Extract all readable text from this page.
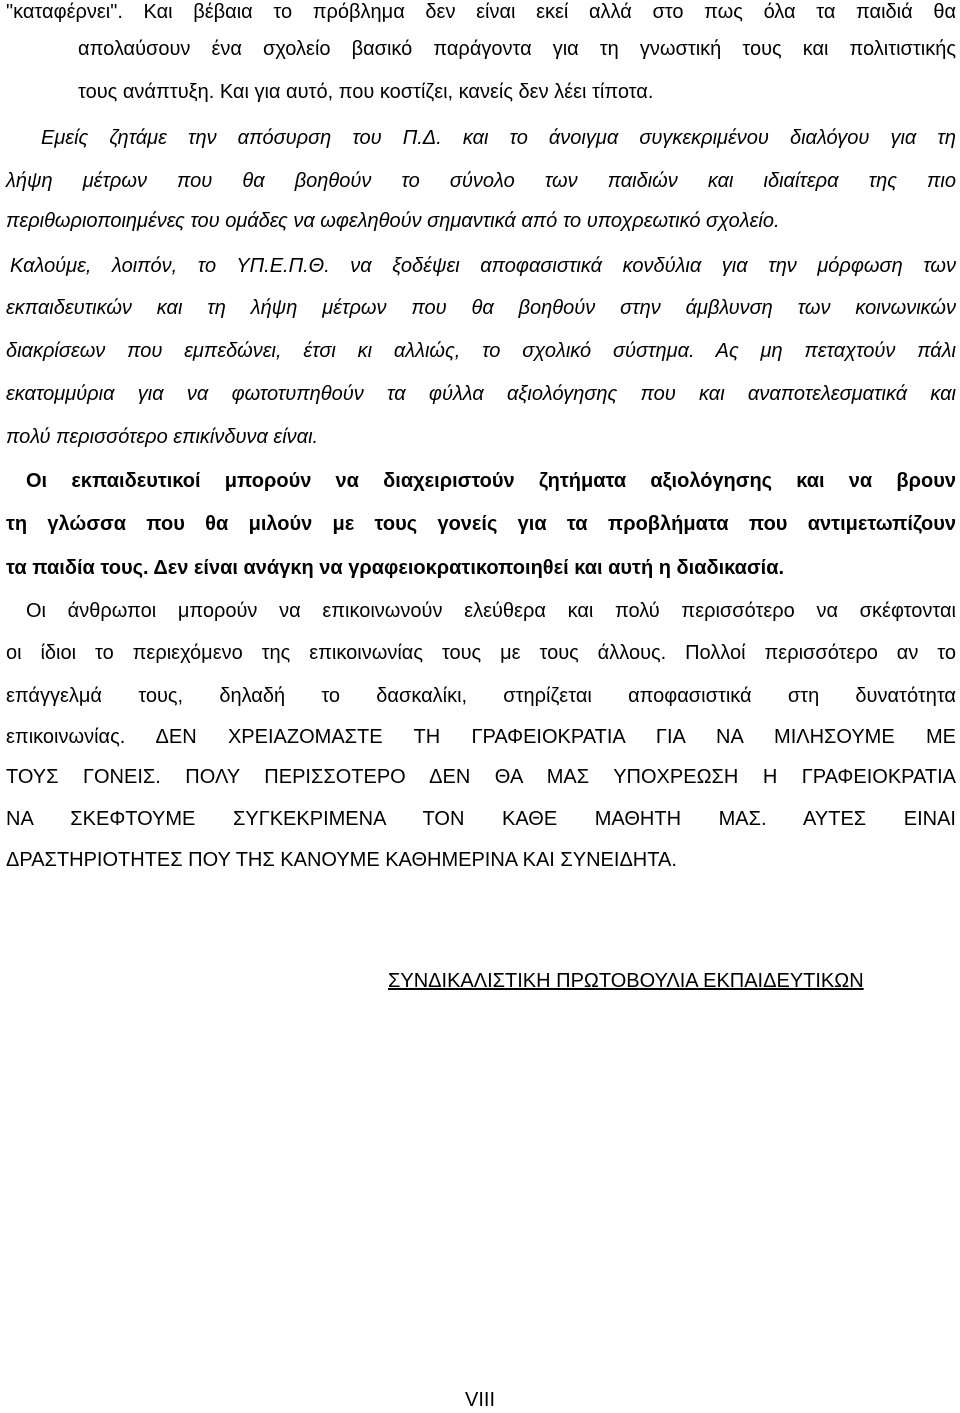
"καταφέρνει". Και βέβαια το πρόβλημα δεν είναι εκεί αλλά στο πως όλα τα παιδιά θα
απολαύσουν ένα σχολείο βασικό παράγοντα για τη γνωστική τους και πολιτιστικής
τους ανάπτυξη. Και για αυτό, που κοστίζει, κανείς δεν λέει τίποτα.
Εμείς ζητάμε την απόσυρση του Π.Δ. και το άνοιγμα συγκεκριμένου διαλόγου για τη
λήψη μέτρων που θα βοηθούν το σύνολο των παιδιών και ιδιαίτερα της πιο
περιθωριοποιημένες του ομάδες να ωφεληθούν σημαντικά από το υποχρεωτικό σχολείο.
Καλούμε, λοιπόν, το ΥΠ.Ε.Π.Θ. να ξοδέψει αποφασιστικά κονδύλια για την μόρφωση των
εκπαιδευτικών και τη λήψη μέτρων που θα βοηθούν στην άμβλυνση των κοινωνικών
διακρίσεων που εμπεδώνει, έτσι κι αλλιώς, το σχολικό σύστημα. Ας μη πεταχτούν πάλι
εκατομμύρια για να φωτοτυπηθούν τα φύλλα αξιολόγησης που και αναποτελεσματικά και
πολύ περισσότερο επικίνδυνα είναι.
Οι εκπαιδευτικοί μπορούν να διαχειριστούν ζητήματα αξιολόγησης και να βρουν
τη γλώσσα που θα μιλούν με τους γονείς για τα προβλήματα που αντιμετωπίζουν
τα παιδία τους. Δεν είναι ανάγκη να γραφειοκρατικοποιηθεί και αυτή η διαδικασία.
Οι άνθρωποι μπορούν να επικοινωνούν ελεύθερα και πολύ περισσότερο να σκέφτονται
οι ίδιοι το περιεχόμενο της επικοινωνίας τους με τους άλλους. Πολλοί περισσότερο αν το
επάγγελμά τους, δηλαδή το δασκαλίκι, στηρίζεται αποφασιστικά στη δυνατότητα
επικοινωνίας. ΔΕΝ ΧΡΕΙΑΖΟΜΑΣΤΕ ΤΗ ΓΡΑΦΕΙΟΚΡΑΤΙΑ ΓΙΑ ΝΑ ΜΙΛΗΣΟΥΜΕ ΜΕ
ΤΟΥΣ ΓΟΝΕΙΣ. ΠΟΛΥ ΠΕΡΙΣΣΟΤΕΡΟ ΔΕΝ ΘΑ ΜΑΣ ΥΠΟΧΡΕΩΣΗ Η ΓΡΑΦΕΙΟΚΡΑΤΙΑ
ΝΑ ΣΚΕΦΤΟΥΜΕ ΣΥΓΚΕΚΡΙΜΕΝΑ ΤΟΝ ΚΑΘΕ ΜΑΘΗΤΗ ΜΑΣ. ΑΥΤΕΣ ΕΙΝΑΙ
ΔΡΑΣΤΗΡΙΟΤΗΤΕΣ ΠΟΥ ΤΗΣ ΚΑΝΟΥΜΕ ΚΑΘΗΜΕΡΙΝΑ ΚΑΙ ΣΥΝΕΙΔΗΤΑ.
ΣΥΝΔΙΚΑΛΙΣΤΙΚΗ ΠΡΩΤΟΒΟΥΛΙΑ ΕΚΠΑΙΔΕΥΤΙΚΩΝ
VIII
